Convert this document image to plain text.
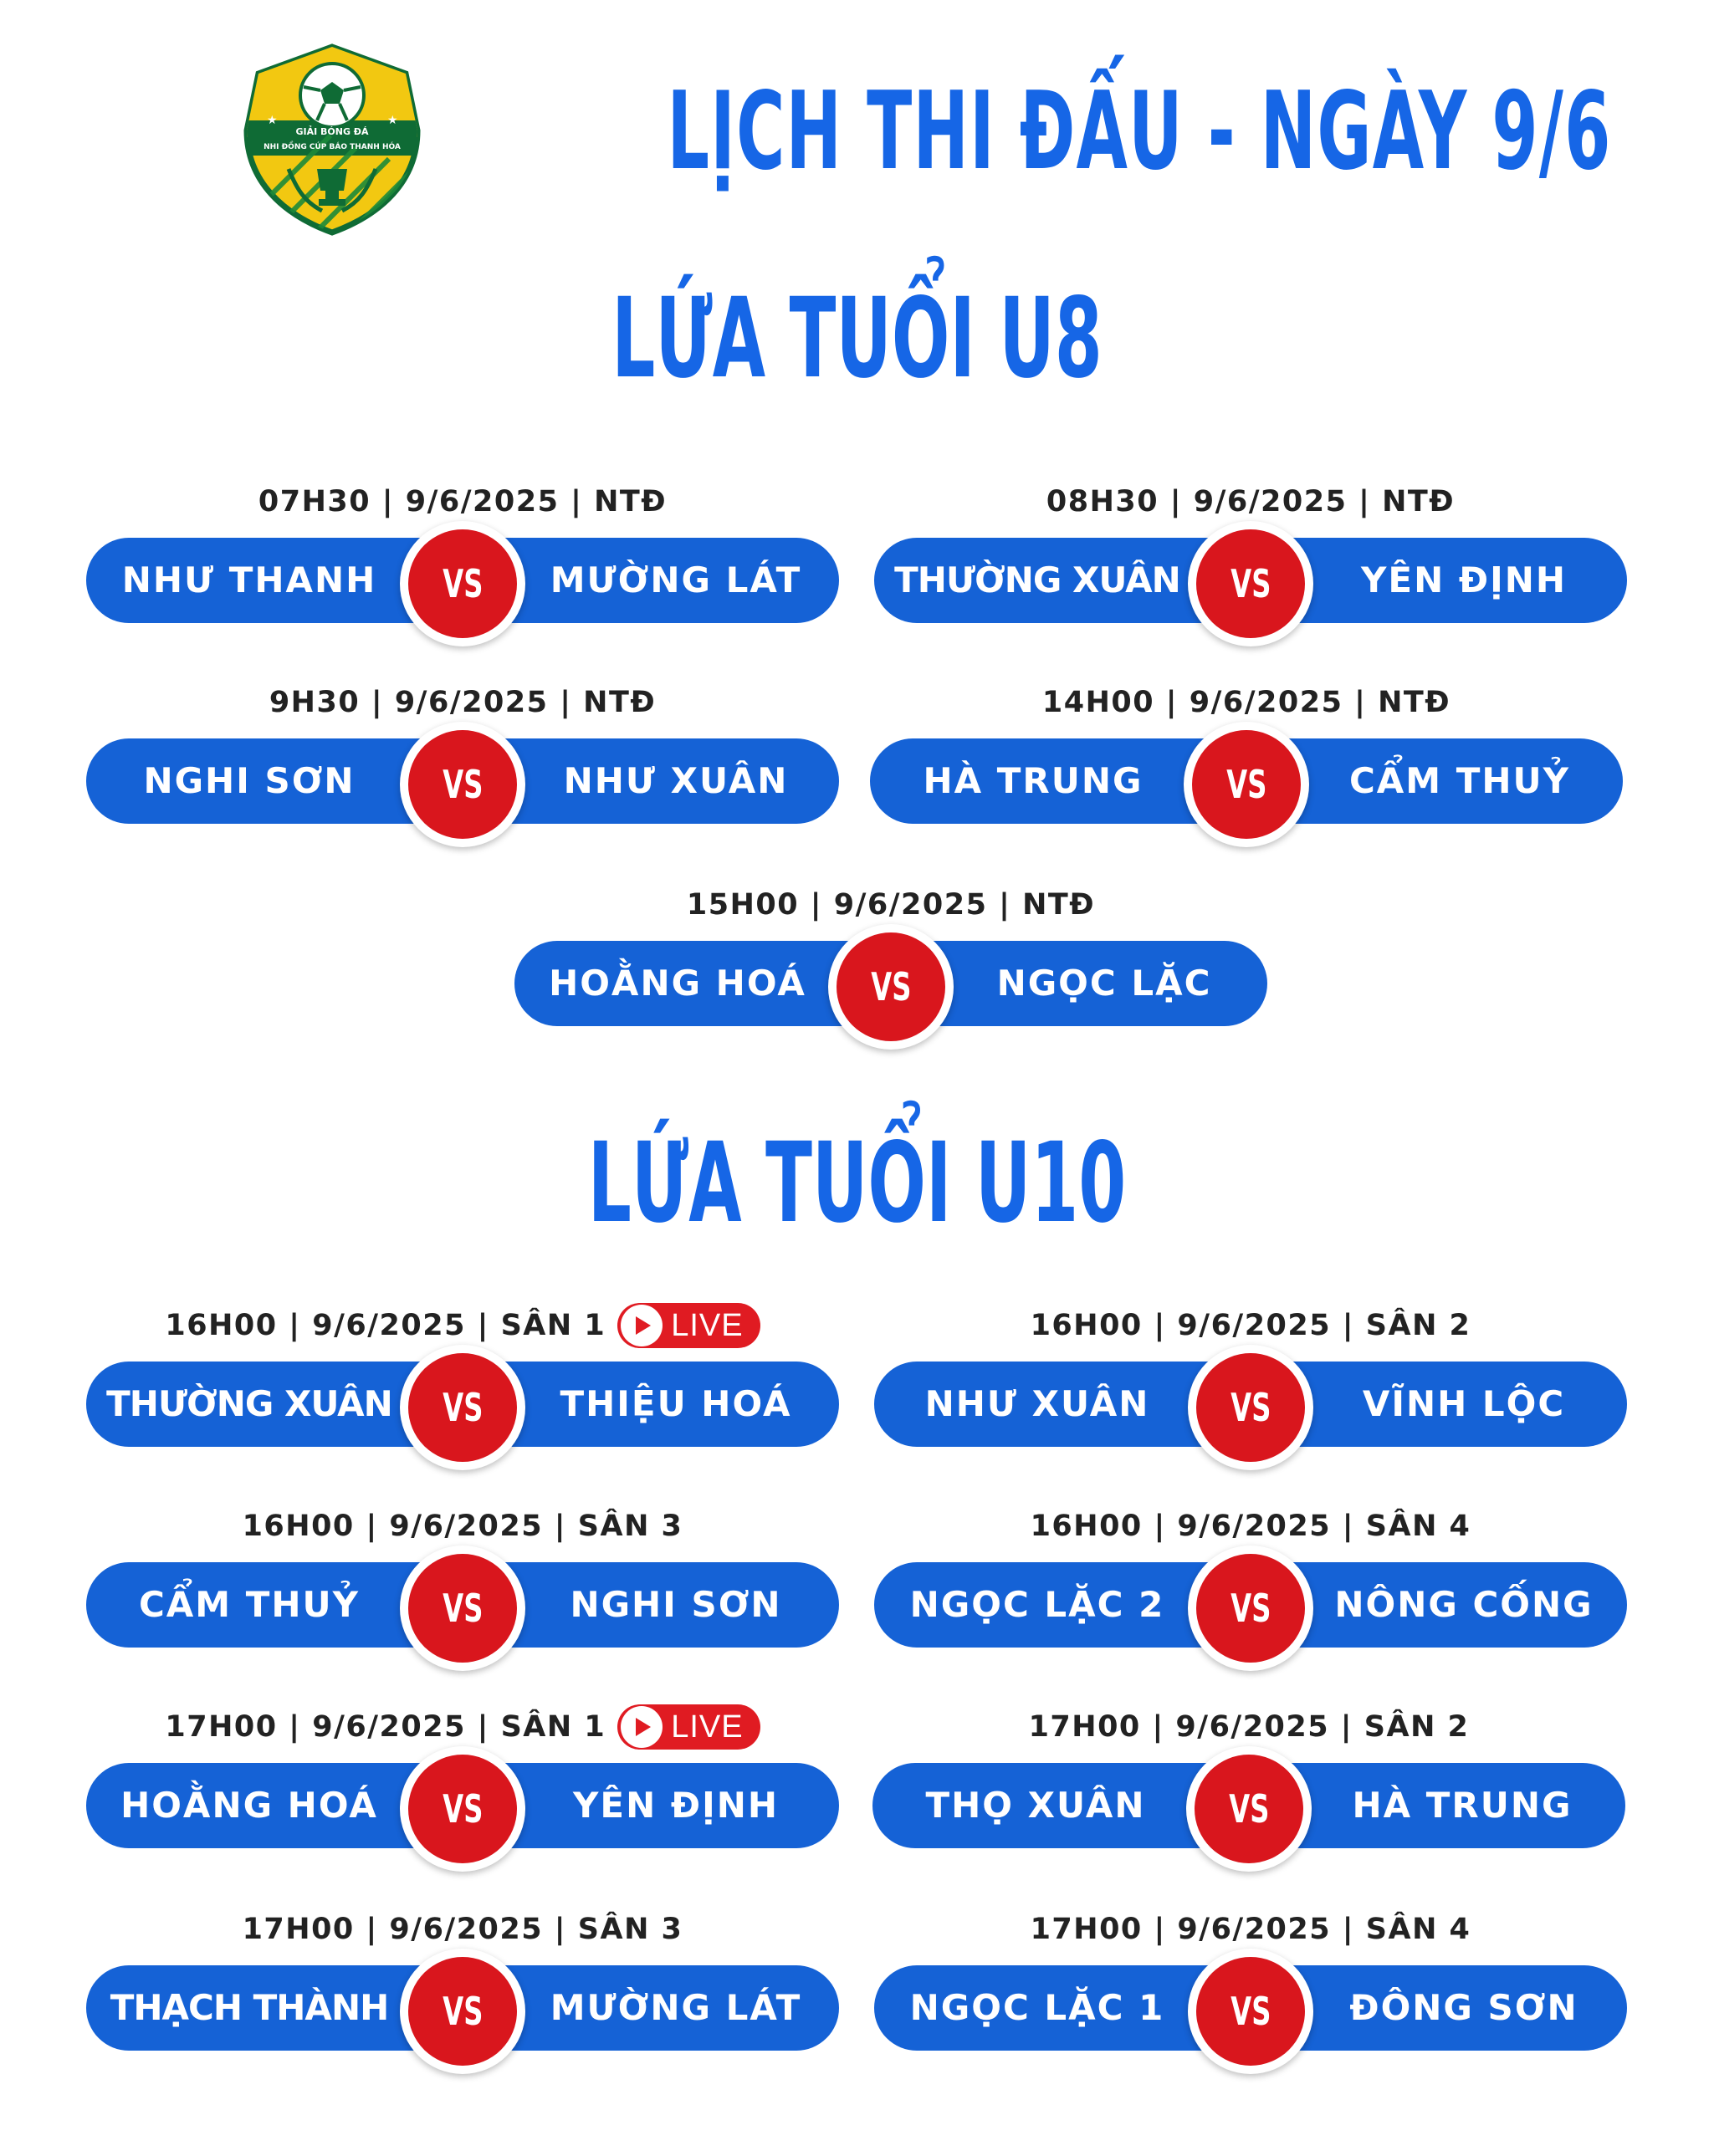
★	★
GIẢI BÓNG ĐÁ
NHI ĐỒNG CÚP BÁO THANH HÓA LỊCH THI ĐẤU - NGÀY 9/6
LỨA TUỔI U8
LỨA TUỔI U10
07H30 | 9/6/2025 | NTĐ
NHƯ THANH	VS	MƯỜNG LÁT
08H30 | 9/6/2025 | NTĐ
THƯỜNG XUÂN	VS	YÊN ĐỊNH
9H30 | 9/6/2025 | NTĐ
NGHI SƠN	VS	NHƯ XUÂN
14H00 | 9/6/2025 | NTĐ
HÀ TRUNG	VS	CẨM THUỶ
15H00 | 9/6/2025 | NTĐ
HOẰNG HOÁ	VS	NGỌC LẶC
16H00 | 9/6/2025 | SÂN 1 LIVE
THƯỜNG XUÂN	VS	THIỆU HOÁ
16H00 | 9/6/2025 | SÂN 2
NHƯ XUÂN	VS	VĨNH LỘC
16H00 | 9/6/2025 | SÂN 3
CẨM THUỶ	VS	NGHI SƠN
16H00 | 9/6/2025 | SÂN 4
NGỌC LẶC 2	VS	NÔNG CỐNG
17H00 | 9/6/2025 | SÂN 1 LIVE
HOẰNG HOÁ	VS	YÊN ĐỊNH
17H00 | 9/6/2025 | SÂN 2
THỌ XUÂN	VS	HÀ TRUNG
17H00 | 9/6/2025 | SÂN 3
THẠCH THÀNH	VS	MƯỜNG LÁT
17H00 | 9/6/2025 | SÂN 4
NGỌC LẶC 1	VS	ĐÔNG SƠN
